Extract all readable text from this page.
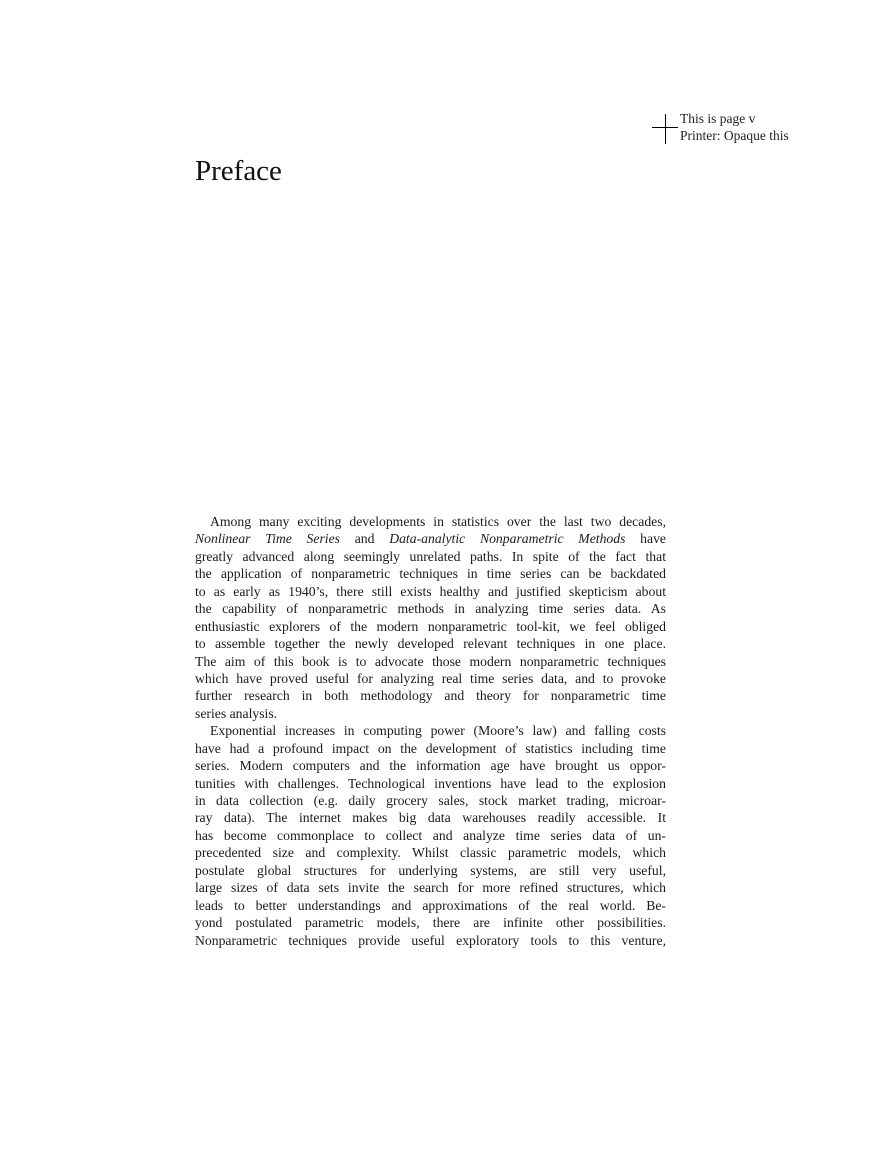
This is page v
Printer: Opaque this
Preface
Among many exciting developments in statistics over the last two decades,
Nonlinear Time Series and Data-analytic Nonparametric Methods have
greatly advanced along seemingly unrelated paths. In spite of the fact that
the application of nonparametric techniques in time series can be backdated
to as early as 1940’s, there still exists healthy and justified skepticism about
the capability of nonparametric methods in analyzing time series data. As
enthusiastic explorers of the modern nonparametric tool-kit, we feel obliged
to assemble together the newly developed relevant techniques in one place.
The aim of this book is to advocate those modern nonparametric techniques
which have proved useful for analyzing real time series data, and to provoke
further research in both methodology and theory for nonparametric time
series analysis.
Exponential increases in computing power (Moore’s law) and falling costs
have had a profound impact on the development of statistics including time
series. Modern computers and the information age have brought us oppor-
tunities with challenges. Technological inventions have lead to the explosion
in data collection (e.g. daily grocery sales, stock market trading, microar-
ray data). The internet makes big data warehouses readily accessible. It
has become commonplace to collect and analyze time series data of un-
precedented size and complexity. Whilst classic parametric models, which
postulate global structures for underlying systems, are still very useful,
large sizes of data sets invite the search for more refined structures, which
leads to better understandings and approximations of the real world. Be-
yond postulated parametric models, there are infinite other possibilities.
Nonparametric techniques provide useful exploratory tools to this venture,
